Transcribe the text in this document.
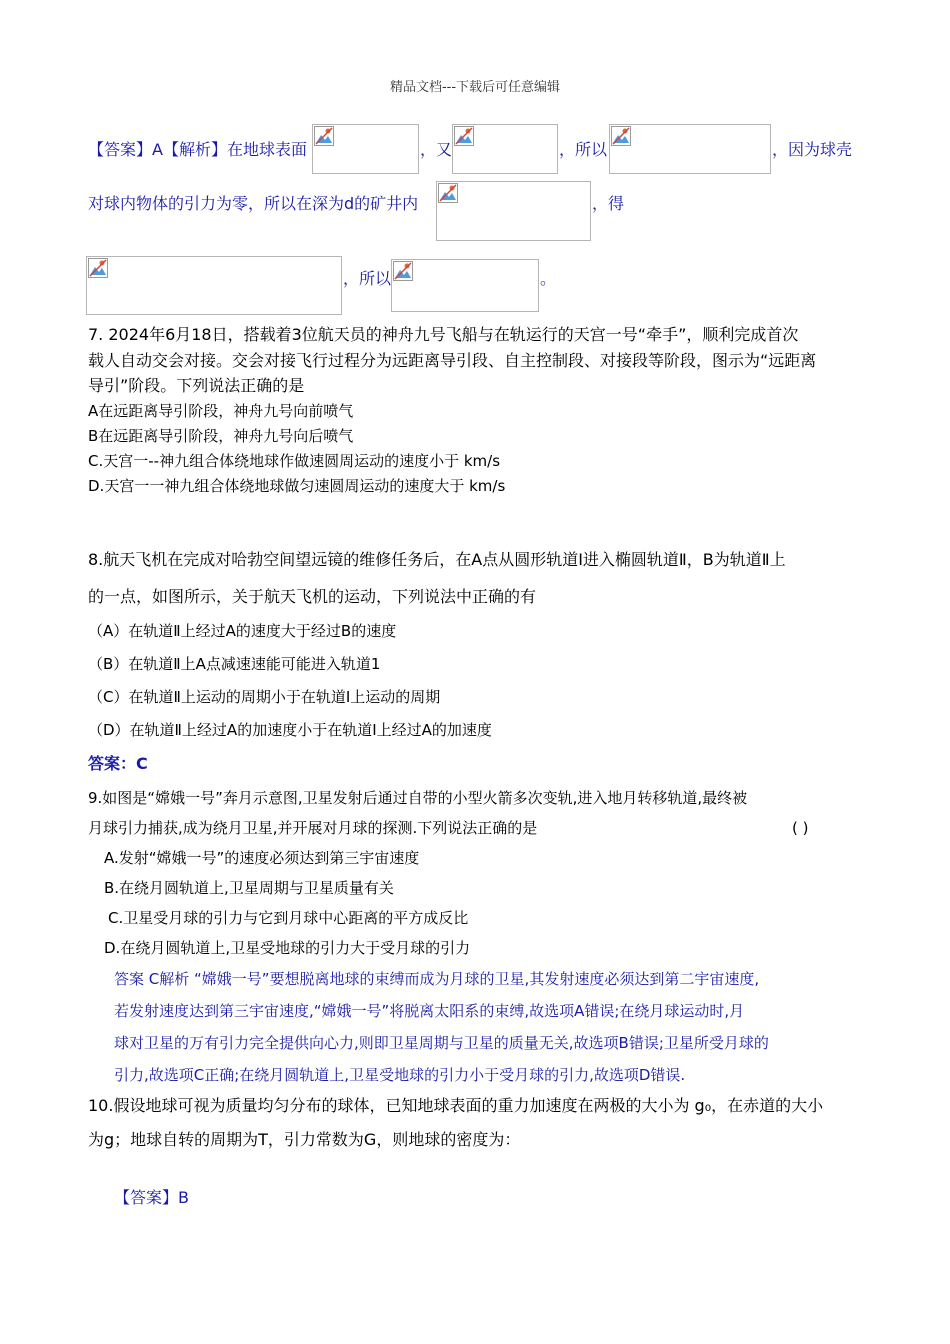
精品文档---下载后可任意编辑
【答案】A【解析】在地球表面	，又	，所以	，因为球壳
对球内物体的引力为零，所以在深为d的矿井内	，得
，所以	。
7. 2024年6月18日，搭载着3位航天员的神舟九号飞船与在轨运行的天宫一号“牵手”，顺利完成首次
载人自动交会对接。交会对接飞行过程分为远距离导引段、自主控制段、对接段等阶段，图示为“远距离
导引”阶段。下列说法正确的是
A在远距离导引阶段，神舟九号向前喷气
B在远距离导引阶段，神舟九号向后喷气
C.天宫一--神九组合体绕地球作做速圆周运动的速度小于 km/s
D.天宫一一神九组合体绕地球做匀速圆周运动的速度大于 km/s
8.航天飞机在完成对哈勃空间望远镜的维修任务后，在A点从圆形轨道Ⅰ进入椭圆轨道Ⅱ，B为轨道Ⅱ上
的一点，如图所示，关于航天飞机的运动，下列说法中正确的有
（A）在轨道Ⅱ上经过A的速度大于经过B的速度
（B）在轨道Ⅱ上A点减速速能可能进入轨道1
（C）在轨道Ⅱ上运动的周期小于在轨道Ⅰ上运动的周期
（D）在轨道Ⅱ上经过A的加速度小于在轨道Ⅰ上经过A的加速度
答案：C
9.如图是“嫦娥一号”奔月示意图,卫星发射后通过自带的小型火箭多次变轨,进入地月转移轨道,最终被
月球引力捕获,成为绕月卫星,并开展对月球的探测.下列说法正确的是	( )
A.发射“嫦娥一号”的速度必须达到第三宇宙速度
B.在绕月圆轨道上,卫星周期与卫星质量有关
C.卫星受月球的引力与它到月球中心距离的平方成反比
D.在绕月圆轨道上,卫星受地球的引力大于受月球的引力
答案 C解析 “嫦娥一号”要想脱离地球的束缚而成为月球的卫星,其发射速度必须达到第二宇宙速度,
若发射速度达到第三宇宙速度,“嫦娥一号”将脱离太阳系的束缚,故选项A错误;在绕月球运动时,月
球对卫星的万有引力完全提供向心力,则即卫星周期与卫星的质量无关,故选项B错误;卫星所受月球的
引力,故选项C正确;在绕月圆轨道上,卫星受地球的引力小于受月球的引力,故选项D错误.
10.假设地球可视为质量均匀分布的球体，已知地球表面的重力加速度在两极的大小为 g₀，在赤道的大小
为g；地球自转的周期为T，引力常数为G，则地球的密度为：
【答案】B
